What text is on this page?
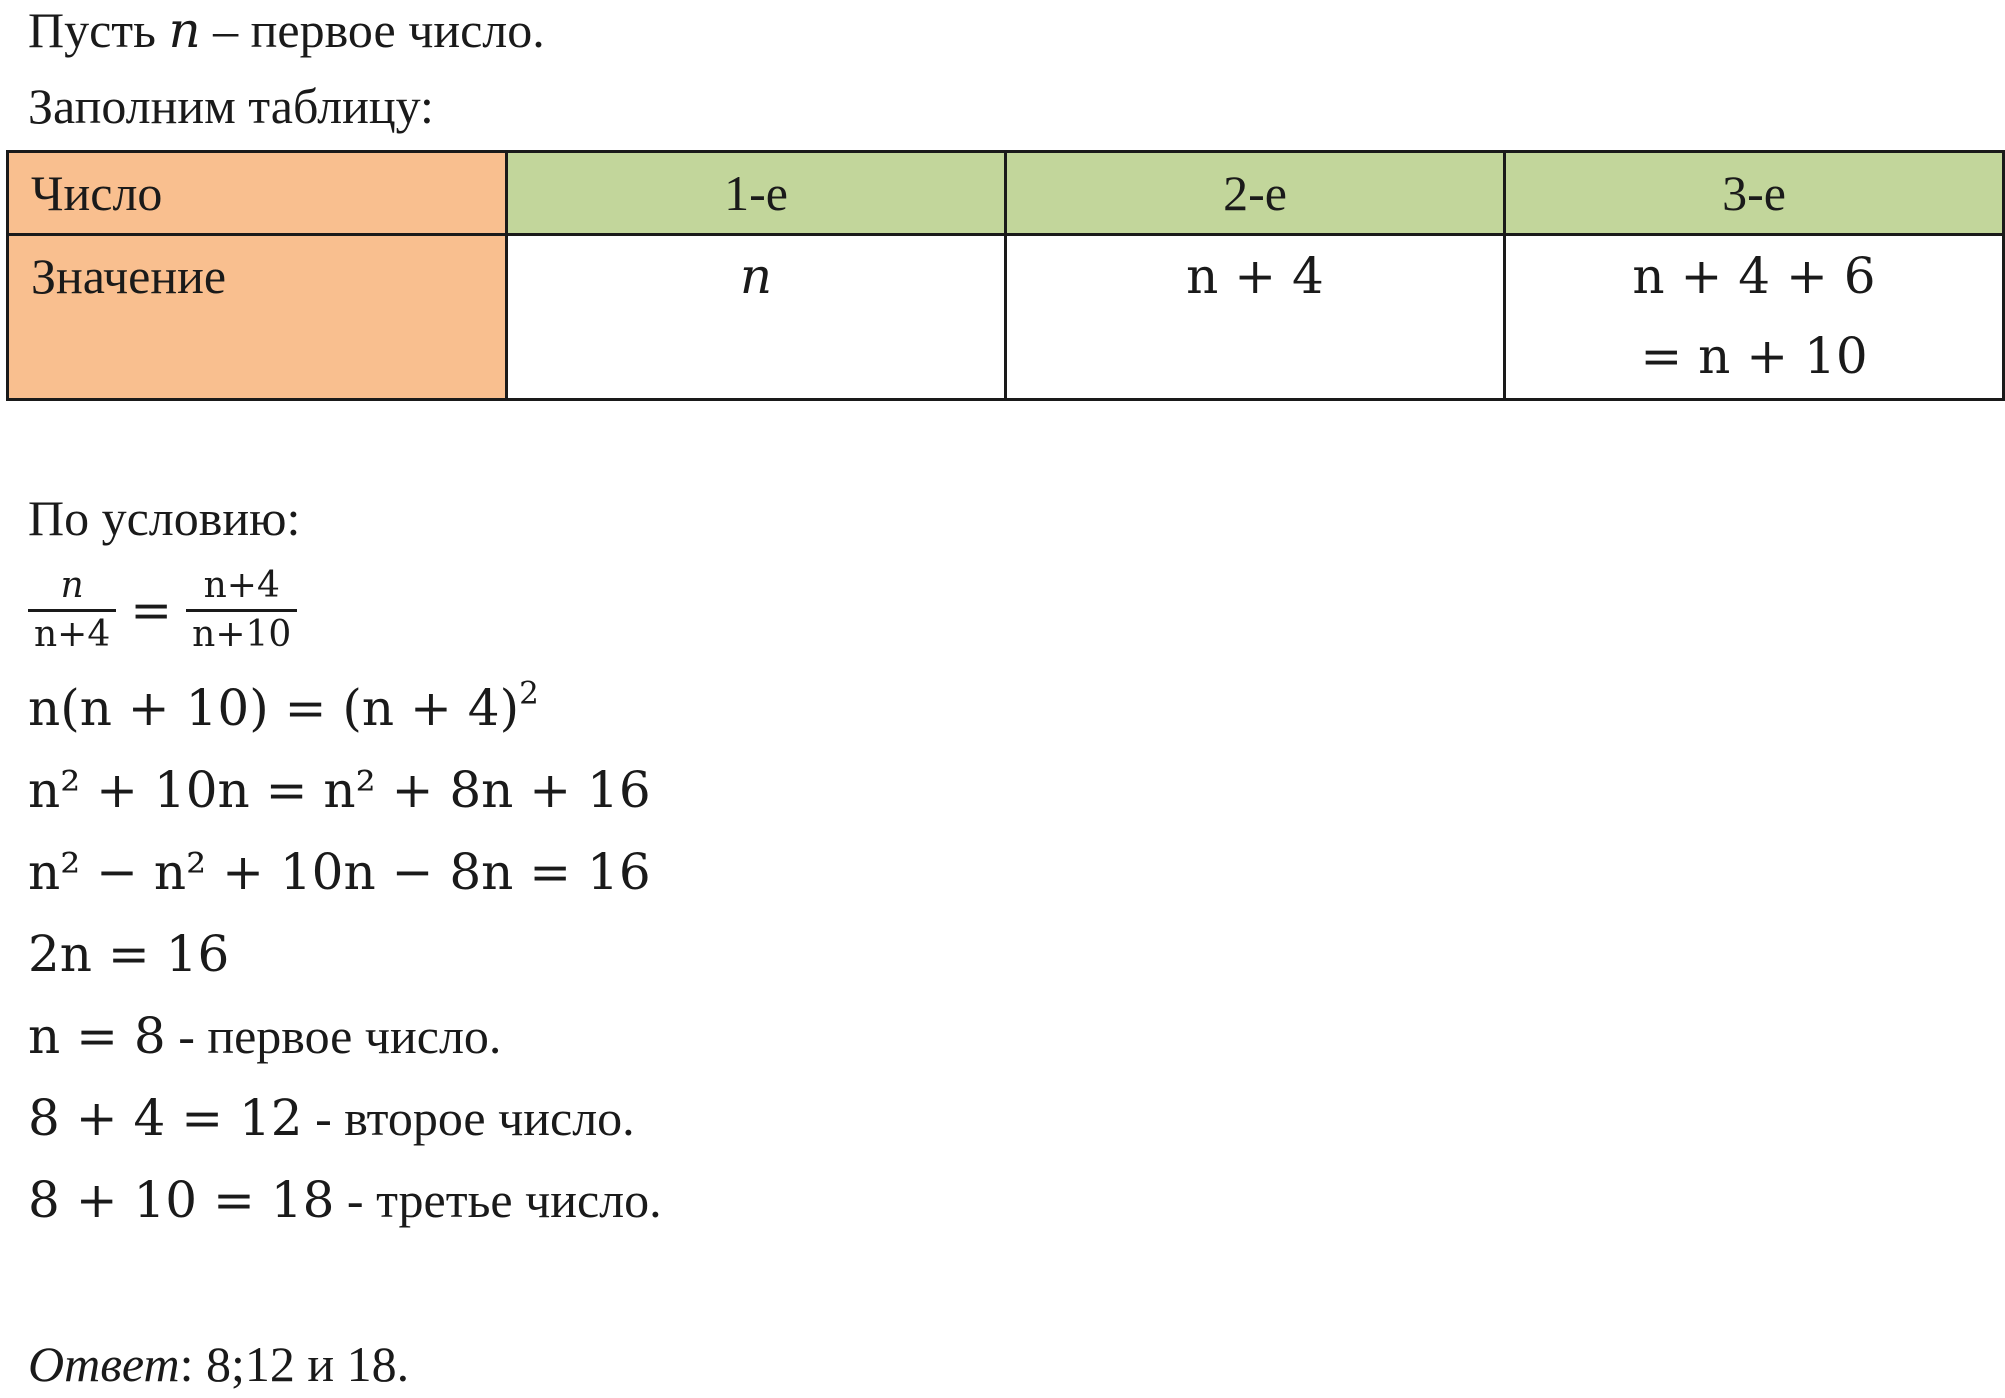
Пусть n – первое число.
Заполним таблицу:
Число	1-е	2-е	3-е

Значение	n	n + 4	n + 4 + 6
= n + 10
По условию:
$\frac{n}{n+4} = \frac{n+4}{n+10}$
$n(n + 10) = (n + 4)^2$
n² + 10n = n² + 8n + 16
n² − n² + 10n − 8n = 16
2n = 16
n = 8 - первое число.
8 + 4 = 12 - второе число.
8 + 10 = 18 - третье число.
Ответ: 8;12 и 18.
